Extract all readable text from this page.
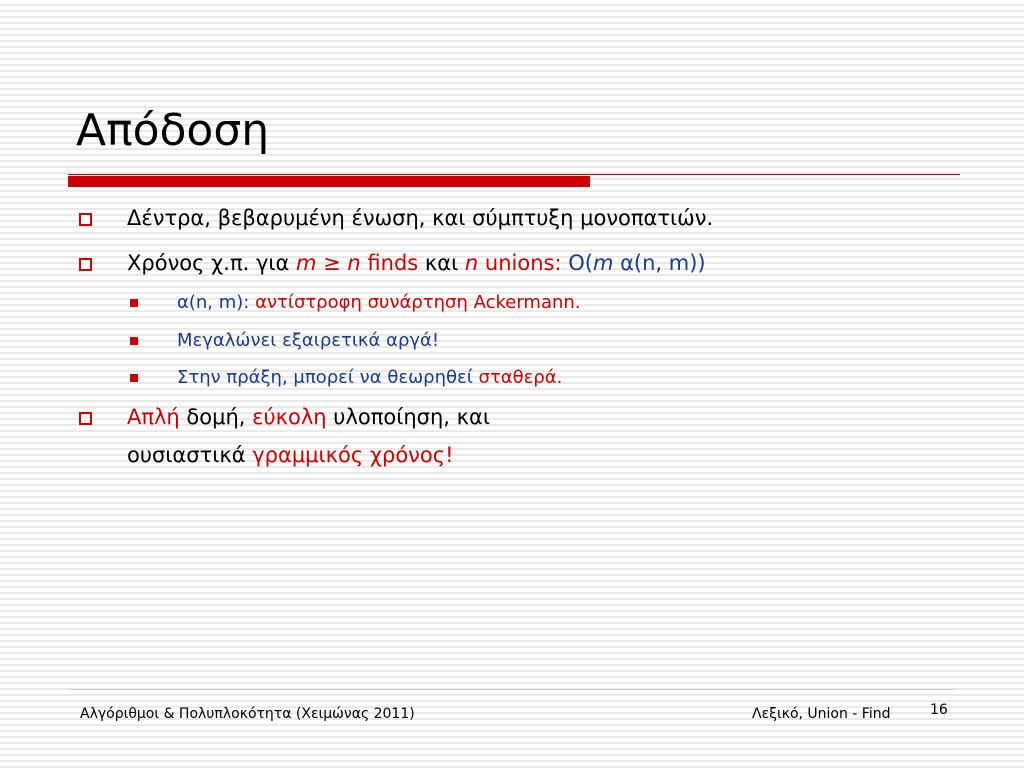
Απόδοση
Δέντρα, βεβαρυμένη ένωση, και σύμπτυξη μονοπατιών.
Χρόνος χ.π. για m ≥ n finds και n unions: O(m α(n, m))
α(n, m): αντίστροφη συνάρτηση Ackermann.
Μεγαλώνει εξαιρετικά αργά!
Στην πράξη, μπορεί να θεωρηθεί σταθερά.
Απλή δομή, εύκολη υλοποίηση, και
ουσιαστικά γραμμικός χρόνος!
Αλγόριθμοι & Πολυπλοκότητα (Χειμώνας 2011)	Λεξικό, Union - Find	16
